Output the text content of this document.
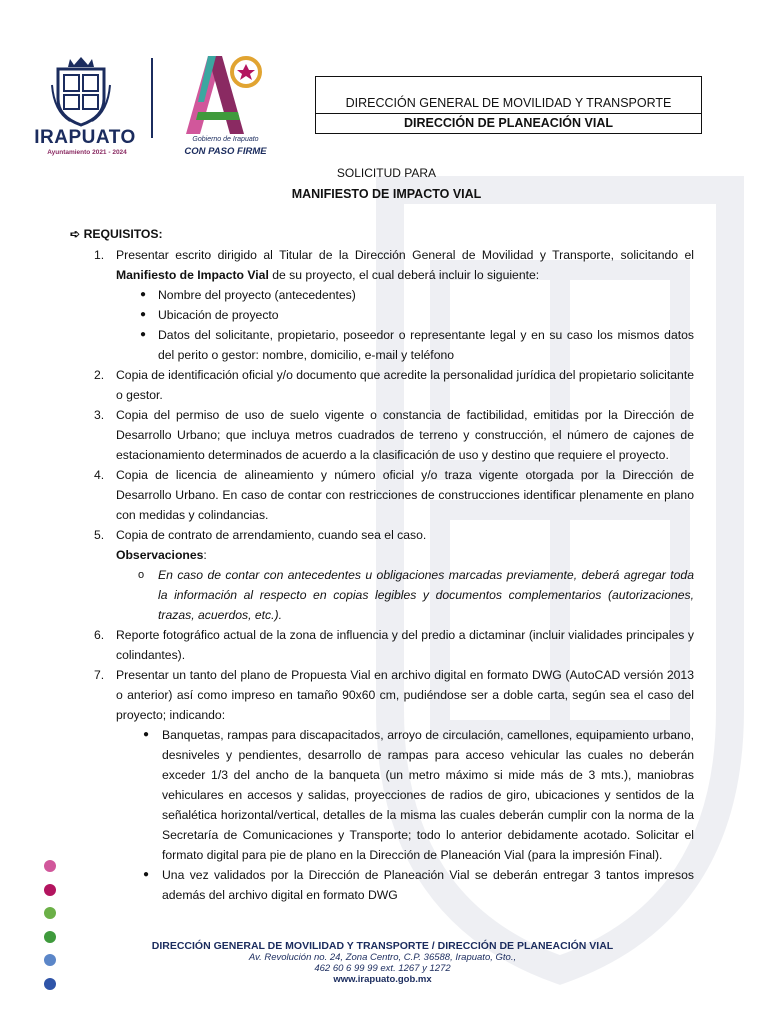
IRAPUATO
Ayuntamiento 2021 - 2024
Gobierno de Irapuato
CON PASO FIRME
DIRECCIÓN GENERAL DE MOVILIDAD Y TRANSPORTE
DIRECCIÓN DE PLANEACIÓN VIAL
SOLICITUD PARA
MANIFIESTO DE IMPACTO VIAL
➪ REQUISITOS:
1. Presentar escrito dirigido al Titular de la Dirección General de Movilidad y Transporte, solicitando el Manifiesto de Impacto Vial de su proyecto, el cual deberá incluir lo siguiente:
● Nombre del proyecto (antecedentes)
● Ubicación de proyecto
● Datos del solicitante, propietario, poseedor o representante legal y en su caso los mismos datos del perito o gestor: nombre, domicilio, e-mail y teléfono
2. Copia de identificación oficial y/o documento que acredite la personalidad jurídica del propietario solicitante o gestor.
3. Copia del permiso de uso de suelo vigente o constancia de factibilidad, emitidas por la Dirección de Desarrollo Urbano; que incluya metros cuadrados de terreno y construcción, el número de cajones de estacionamiento determinados de acuerdo a la clasificación de uso y destino que requiere el proyecto.
4. Copia de licencia de alineamiento y número oficial y/o traza vigente otorgada por la Dirección de Desarrollo Urbano. En caso de contar con restricciones de construcciones identificar plenamente en plano con medidas y colindancias.
5. Copia de contrato de arrendamiento, cuando sea el caso.
Observaciones:
o En caso de contar con antecedentes u obligaciones marcadas previamente, deberá agregar toda la información al respecto en copias legibles y documentos complementarios (autorizaciones, trazas, acuerdos, etc.).
6. Reporte fotográfico actual de la zona de influencia y del predio a dictaminar (incluir vialidades principales y colindantes).
7. Presentar un tanto del plano de Propuesta Vial en archivo digital en formato DWG (AutoCAD versión 2013 o anterior) así como impreso en tamaño 90x60 cm, pudiéndose ser a doble carta, según sea el caso del proyecto; indicando:
● Banquetas, rampas para discapacitados, arroyo de circulación, camellones, equipamiento urbano, desniveles y pendientes, desarrollo de rampas para acceso vehicular las cuales no deberán exceder 1/3 del ancho de la banqueta (un metro máximo si mide más de 3 mts.), maniobras vehiculares en accesos y salidas, proyecciones de radios de giro, ubicaciones y sentidos de la señalética horizontal/vertical, detalles de la misma las cuales deberán cumplir con la norma de la Secretaría de Comunicaciones y Transporte; todo lo anterior debidamente acotado. Solicitar el formato digital para pie de plano en la Dirección de Planeación Vial (para la impresión Final).
● Una vez validados por la Dirección de Planeación Vial se deberán entregar 3 tantos impresos además del archivo digital en formato DWG
DIRECCIÓN GENERAL DE MOVILIDAD Y TRANSPORTE / DIRECCIÓN DE PLANEACIÓN VIAL
Av. Revolución no. 24, Zona Centro, C.P. 36588, Irapuato, Gto.,
462 60 6 99 99 ext. 1267 y 1272
www.irapuato.gob.mx
